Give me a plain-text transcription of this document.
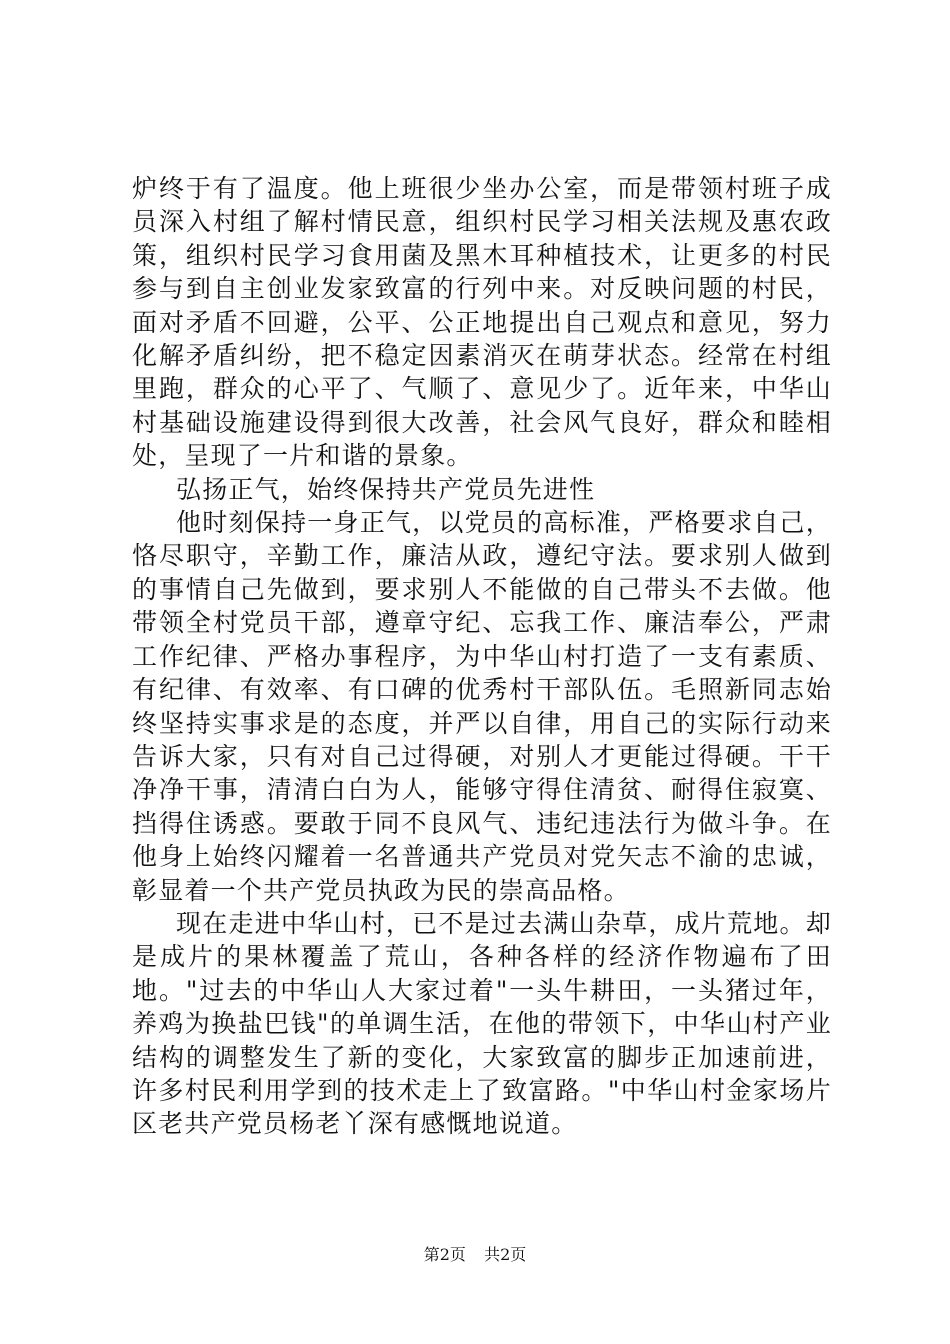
炉终于有了温度。他上班很少坐办公室，而是带领村班子成员深入村组了解村情民意，组织村民学习相关法规及惠农政策，组织村民学习食用菌及黑木耳种植技术，让更多的村民参与到自主创业发家致富的行列中来。对反映问题的村民，面对矛盾不回避，公平、公正地提出自己观点和意见，努力化解矛盾纠纷，把不稳定因素消灭在萌芽状态。经常在村组里跑，群众的心平了、气顺了、意见少了。近年来，中华山村基础设施建设得到很大改善，社会风气良好，群众和睦相处，呈现了一片和谐的景象。

弘扬正气，始终保持共产党员先进性

他时刻保持一身正气，以党员的高标准，严格要求自己，恪尽职守，辛勤工作，廉洁从政，遵纪守法。要求别人做到的事情自己先做到，要求别人不能做的自己带头不去做。他带领全村党员干部，遵章守纪、忘我工作、廉洁奉公，严肃工作纪律、严格办事程序，为中华山村打造了一支有素质、有纪律、有效率、有口碑的优秀村干部队伍。毛照新同志始终坚持实事求是的态度，并严以自律，用自己的实际行动来告诉大家，只有对自己过得硬，对别人才更能过得硬。干干净净干事，清清白白为人，能够守得住清贫、耐得住寂寞、挡得住诱惑。要敢于同不良风气、违纪违法行为做斗争。在他身上始终闪耀着一名普通共产党员对党矢志不渝的忠诚，彰显着一个共产党员执政为民的崇高品格。

现在走进中华山村，已不是过去满山杂草，成片荒地。却是成片的果林覆盖了荒山，各种各样的经济作物遍布了田地。"过去的中华山人大家过着"一头牛耕田，一头猪过年，养鸡为换盐巴钱"的单调生活，在他的带领下，中华山村产业结构的调整发生了新的变化，大家致富的脚步正加速前进，许多村民利用学到的技术走上了致富路。"中华山村金家场片区老共产党员杨老丫深有感慨地说道。

第2页 共2页
